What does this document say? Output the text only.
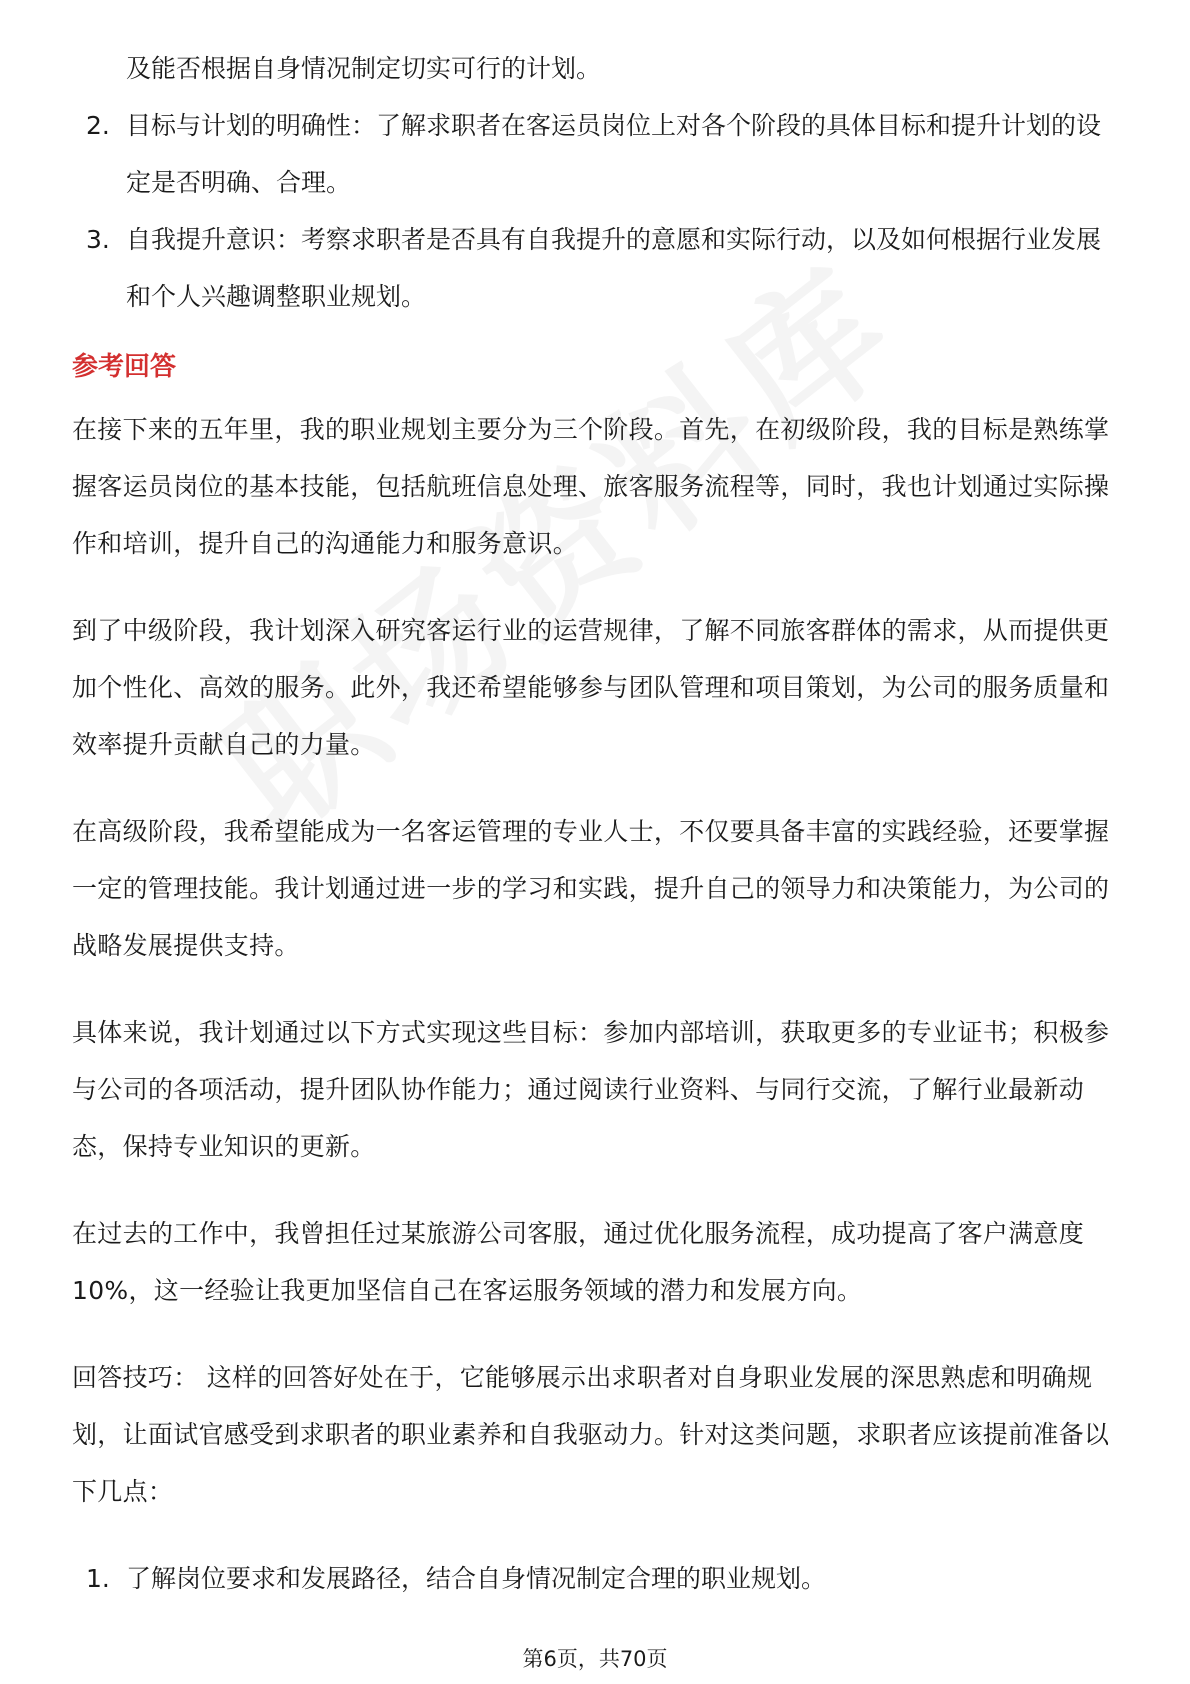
及能否根据自身情况制定切实可行的计划。

2. 目标与计划的明确性：了解求职者在客运员岗位上对各个阶段的具体目标和提升计划的设定是否明确、合理。
3. 自我提升意识：考察求职者是否具有自我提升的意愿和实际行动，以及如何根据行业发展和个人兴趣调整职业规划。
参考回答

在接下来的五年里，我的职业规划主要分为三个阶段。首先，在初级阶段，我的目标是熟练掌握客运员岗位的基本技能，包括航班信息处理、旅客服务流程等，同时，我也计划通过实际操作和培训，提升自己的沟通能力和服务意识。

到了中级阶段，我计划深入研究客运行业的运营规律，了解不同旅客群体的需求，从而提供更加个性化、高效的服务。此外，我还希望能够参与团队管理和项目策划，为公司的服务质量和效率提升贡献自己的力量。

在高级阶段，我希望能成为一名客运管理的专业人士，不仅要具备丰富的实践经验，还要掌握一定的管理技能。我计划通过进一步的学习和实践，提升自己的领导力和决策能力，为公司的战略发展提供支持。

具体来说，我计划通过以下方式实现这些目标：参加内部培训，获取更多的专业证书；积极参与公司的各项活动，提升团队协作能力；通过阅读行业资料、与同行交流，了解行业最新动态，保持专业知识的更新。

在过去的工作中，我曾担任过某旅游公司客服，通过优化服务流程，成功提高了客户满意度10%，这一经验让我更加坚信自己在客运服务领域的潜力和发展方向。

回答技巧： 这样的回答好处在于，它能够展示出求职者对自身职业发展的深思熟虑和明确规划，让面试官感受到求职者的职业素养和自我驱动力。针对这类问题，求职者应该提前准备以下几点：

1. 了解岗位要求和发展路径，结合自身情况制定合理的职业规划。
第6页，共70页
